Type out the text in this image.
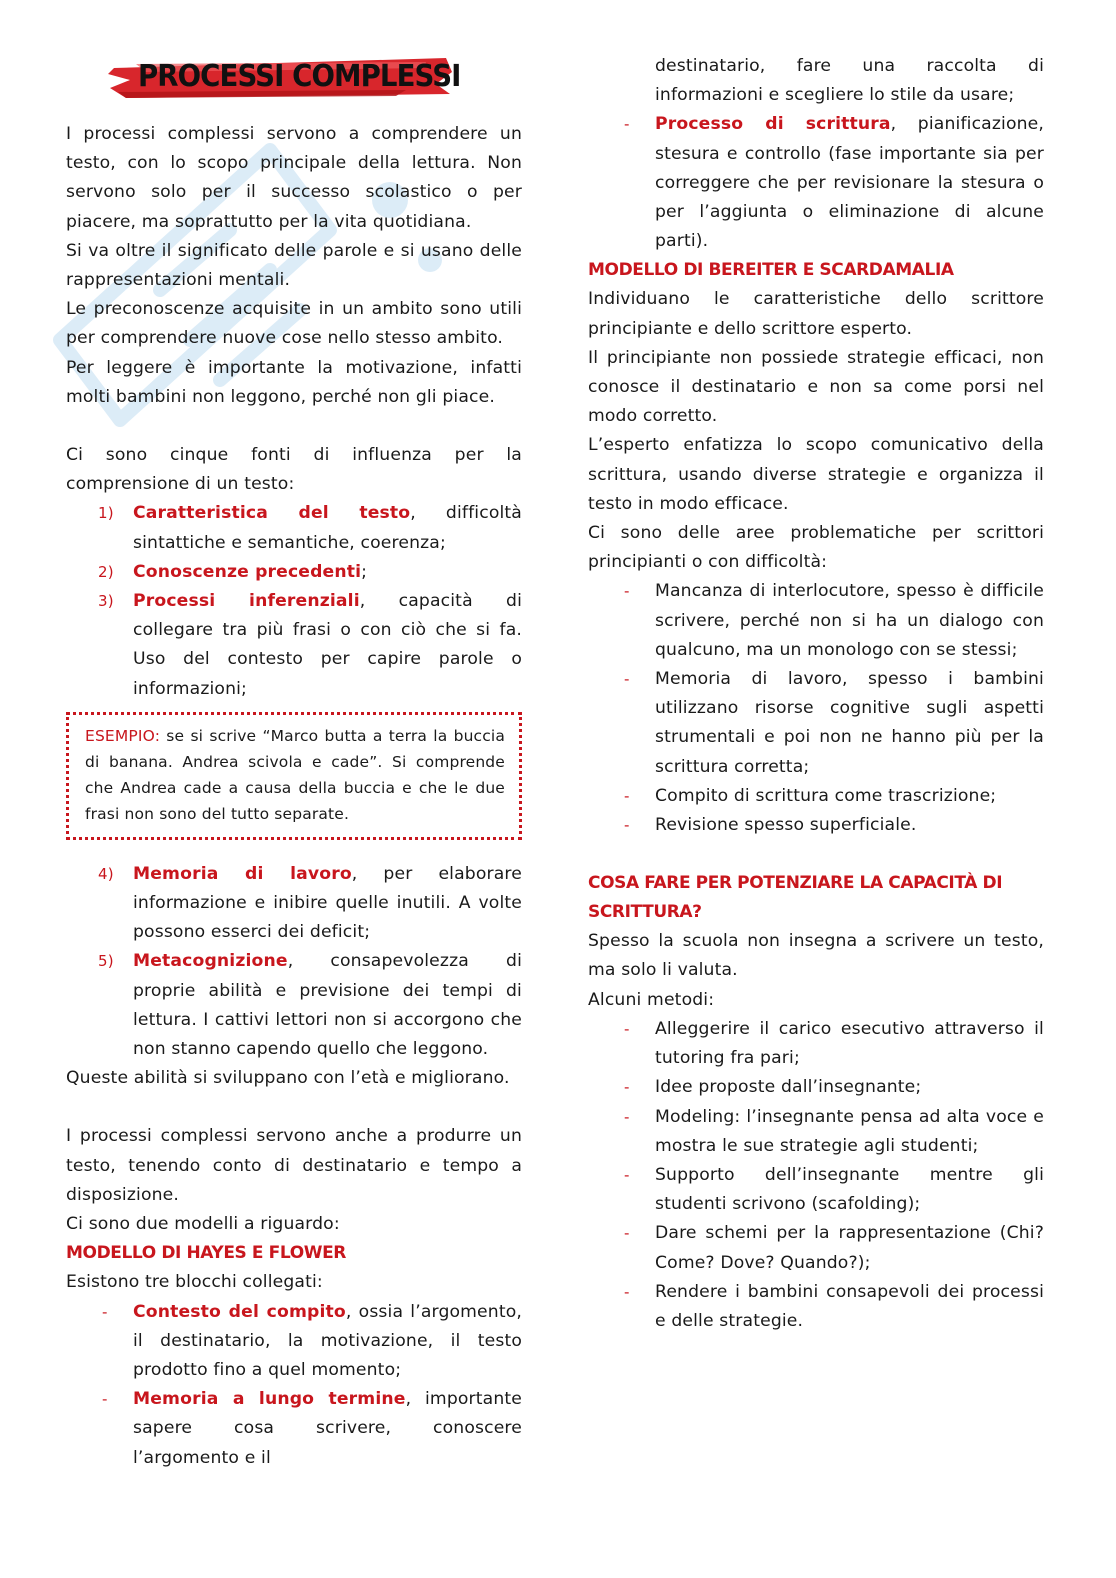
PROCESSI COMPLESSI

I processi complessi servono a comprendere un testo, con lo scopo principale della lettura. Non servono solo per il successo scolastico o per piacere, ma soprattutto per la vita quotidiana.

Si va oltre il significato delle parole e si usano delle rappresentazioni mentali.

Le preconoscenze acquisite in un ambito sono utili per comprendere nuove cose nello stesso ambito.

Per leggere è importante la motivazione, infatti molti bambini non leggono, perché non gli piace.

Ci sono cinque fonti di influenza per la comprensione di un testo:

1) Caratteristica del testo, difficoltà sintattiche e semantiche, coerenza;
2) Conoscenze precedenti;
3) Processi inferenziali, capacità di collegare tra più frasi o con ciò che si fa. Uso del contesto per capire parole o informazioni;

ESEMPIO: se si scrive “Marco butta a terra la buccia di banana. Andrea scivola e cade”. Si comprende che Andrea cade a causa della buccia e che le due frasi non sono del tutto separate.

4) Memoria di lavoro, per elaborare informazione e inibire quelle inutili. A volte possono esserci dei deficit;
5) Metacognizione, consapevolezza di proprie abilità e previsione dei tempi di lettura. I cattivi lettori non si accorgono che non stanno capendo quello che leggono.

Queste abilità si sviluppano con l’età e migliorano.

I processi complessi servono anche a produrre un testo, tenendo conto di destinatario e tempo a disposizione.

Ci sono due modelli a riguardo:

MODELLO DI HAYES E FLOWER

Esistono tre blocchi collegati:

- Contesto del compito, ossia l’argomento, il destinatario, la motivazione, il testo prodotto fino a quel momento;
- Memoria a lungo termine, importante sapere cosa scrivere, conoscere l’argomento e il
destinatario, fare una raccolta di informazioni e scegliere lo stile da usare;
- Processo di scrittura, pianificazione, stesura e controllo (fase importante sia per correggere che per revisionare la stesura o per l’aggiunta o eliminazione di alcune parti).
MODELLO DI BEREITER E SCARDAMALIA

Individuano le caratteristiche dello scrittore principiante e dello scrittore esperto.

Il principiante non possiede strategie efficaci, non conosce il destinatario e non sa come porsi nel modo corretto.

L’esperto enfatizza lo scopo comunicativo della scrittura, usando diverse strategie e organizza il testo in modo efficace.

Ci sono delle aree problematiche per scrittori principianti o con difficoltà:

- Mancanza di interlocutore, spesso è difficile scrivere, perché non si ha un dialogo con qualcuno, ma un monologo con se stessi;
- Memoria di lavoro, spesso i bambini utilizzano risorse cognitive sugli aspetti strumentali e poi non ne hanno più per la scrittura corretta;
- Compito di scrittura come trascrizione;
- Revisione spesso superficiale.
COSA FARE PER POTENZIARE LA CAPACITÀ DI SCRITTURA?

Spesso la scuola non insegna a scrivere un testo, ma solo li valuta.

Alcuni metodi:

- Alleggerire il carico esecutivo attraverso il tutoring fra pari;
- Idee proposte dall’insegnante;
- Modeling: l’insegnante pensa ad alta voce e mostra le sue strategie agli studenti;
- Supporto dell’insegnante mentre gli studenti scrivono (scafolding);
- Dare schemi per la rappresentazione (Chi? Come? Dove? Quando?);
- Rendere i bambini consapevoli dei processi e delle strategie.
